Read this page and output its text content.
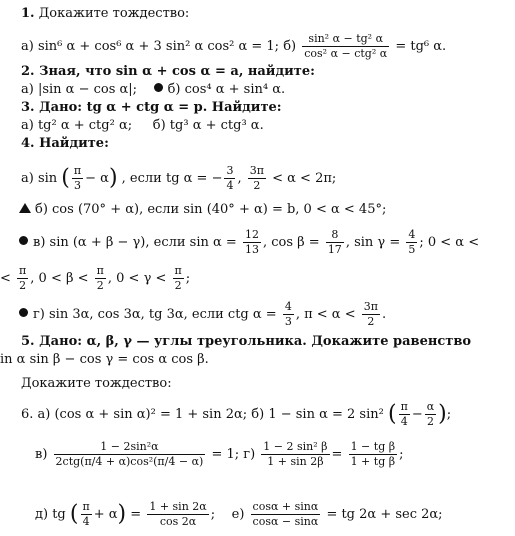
1. Докажите тождество:
а) sin⁶ α + cos⁶ α + 3 sin² α cos² α = 1; $б) \frac{\text{sin² α − tg² α}}{\text{cos² α − ctg² α}} = tg^6$ α.
2. Зная, что sin α + cos α = a, найдите:
а) |sin α − cos α|; б) cos⁴ α + sin⁴ α.
3. Дано: tg α + ctg α = p. Найдите:
а) tg² α + ctg² α; б) tg³ α + ctg³ α.
4. Найдите:
а) sin ( $\frac{\pi}{3} - \alpha$) , если tg α = − $\frac{3}{4}$ , $\frac{3\pi}{2} < \alpha < 2\pi$;
б) cos (70° + α), если sin (40° + α) = b, 0 < α < 45°;
в) sin (α + β − γ), если $\sin \alpha = \frac{12}{13}$ , $\cos \beta = \frac{8}{17}$ , $\sin \gamma = \frac{4}{5}$ ; 0 < α <
< $\frac{\pi}{2}$ , $0 < \beta < \frac{\pi}{2}$ , $0 < \gamma < \frac{\pi}{2}$ ;
г) sin 3α, cos 3α, tg 3α, если ctg $\alpha = \frac{4}{3}$ , $\pi < \alpha < \frac{3\pi}{2}$ .
5. Дано: α, β, γ — углы треугольника. Докажите равенство
in α sin β − cos γ = cos α cos β.
Докажите тождество:
6. а) (cos α + sin α)² = 1 + sin 2α; б) 1 − sin α = 2 sin² ( $\frac{\pi}{4} - \frac{\alpha}{2}$ );
$в) \frac{\text{1 − 2sin²α}}{\text{2ctg(π/4 + α)cos²(π/4 − α)}} = 1$; $г) \frac{\text{1 − 2 sin² β}}{1 + \sin 2\beta} = \frac{\text{1 − tg β}}{\text{1 + tg β}}$ ;
д) tg ( $\frac{\pi}{4} + \alpha) = \frac{1 + \sin 2\alpha}{\cos 2\alpha}$ ; $е) \frac{\cos\alpha + \sin\alpha}{\cos\alpha - \sin\alpha}$ = tg 2α + sec 2α;
